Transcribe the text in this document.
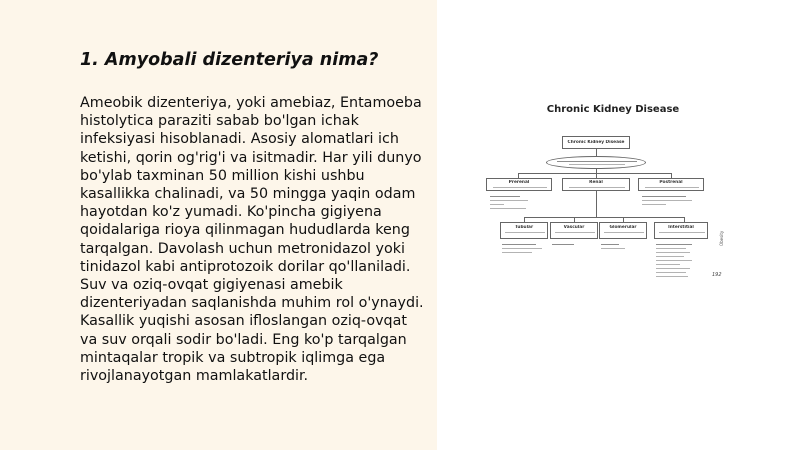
1. Amyobali dizenteriya nima?

Ameobik dizenteriya, yoki amebiaz, Entamoeba histolytica paraziti sabab bo'lgan ichak infeksiyasi hisoblanadi. Asosiy alomatlari ich ketishi, qorin og'rig'i va isitmadir. Har yili dunyo bo'ylab taxminan 50 million kishi ushbu kasallikka chalinadi, va 50 mingga yaqin odam hayotdan ko'z yumadi. Ko'pincha gigiyena qoidalariga rioya qilinmagan hududlarda keng tarqalgan. Davolash uchun metronidazol yoki tinidazol kabi antiprotozoik dorilar qo'llaniladi. Suv va oziq-ovqat gigiyenasi amebik dizenteriyadan saqlanishda muhim rol o'ynaydi. Kasallik yuqishi asosan ifloslangan oziq-ovqat va suv orqali sodir bo'ladi. Eng ko'p tarqalgan mintaqalar tropik va subtropik iqlimga ega rivojlanayotgan mamlakatlardir.

Chronic Kidney Disease
Chronic Kidney Disease
Prerenal	Renal	Postrenal
Tubular	Vascular	Glomerular	Interstitial
Obesity
192
